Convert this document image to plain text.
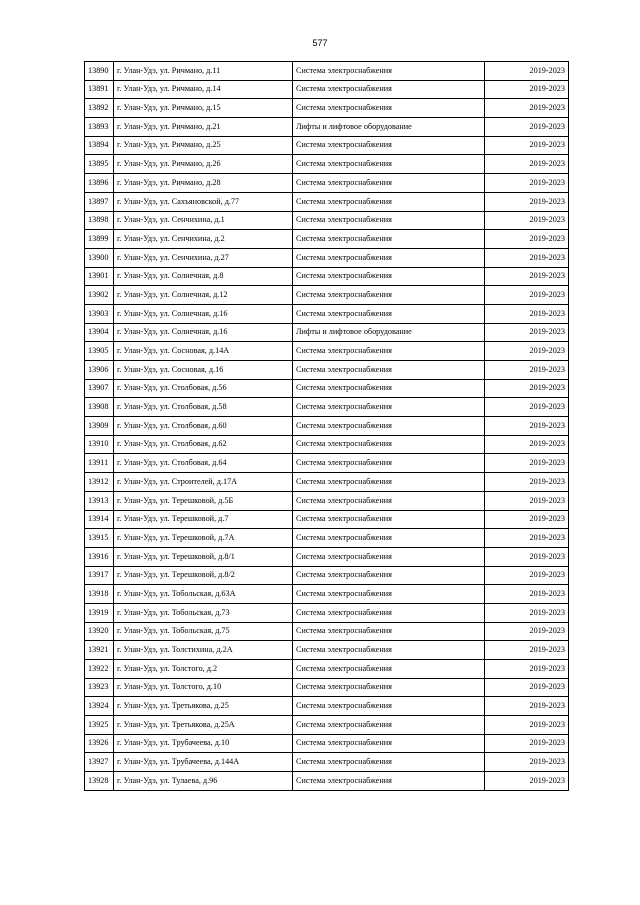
577
13890	г. Улан-Удэ, ул. Ричмано, д.11	Система электроснабжения	2019-2023
13891	г. Улан-Удэ, ул. Ричмано, д.14	Система электроснабжения	2019-2023
13892	г. Улан-Удэ, ул. Ричмано, д.15	Система электроснабжения	2019-2023
13893	г. Улан-Удэ, ул. Ричмано, д.21	Лифты и лифтовое оборудование	2019-2023
13894	г. Улан-Удэ, ул. Ричмано, д.25	Система электроснабжения	2019-2023
13895	г. Улан-Удэ, ул. Ричмано, д.26	Система электроснабжения	2019-2023
13896	г. Улан-Удэ, ул. Ричмано, д.28	Система электроснабжения	2019-2023
13897	г. Улан-Удэ, ул. Сахъяновской, д.77	Система электроснабжения	2019-2023
13898	г. Улан-Удэ, ул. Сенчихина, д.1	Система электроснабжения	2019-2023
13899	г. Улан-Удэ, ул. Сенчихина, д.2	Система электроснабжения	2019-2023
13900	г. Улан-Удэ, ул. Сенчихина, д.27	Система электроснабжения	2019-2023
13901	г. Улан-Удэ, ул. Солнечная, д.8	Система электроснабжения	2019-2023
13902	г. Улан-Удэ, ул. Солнечная, д.12	Система электроснабжения	2019-2023
13903	г. Улан-Удэ, ул. Солнечная, д.16	Система электроснабжения	2019-2023
13904	г. Улан-Удэ, ул. Солнечная, д.16	Лифты и лифтовое оборудование	2019-2023
13905	г. Улан-Удэ, ул. Сосновая, д.14А	Система электроснабжения	2019-2023
13906	г. Улан-Удэ, ул. Сосновая, д.16	Система электроснабжения	2019-2023
13907	г. Улан-Удэ, ул. Столбовая, д.56	Система электроснабжения	2019-2023
13908	г. Улан-Удэ, ул. Столбовая, д.58	Система электроснабжения	2019-2023
13909	г. Улан-Удэ, ул. Столбовая, д.60	Система электроснабжения	2019-2023
13910	г. Улан-Удэ, ул. Столбовая, д.62	Система электроснабжения	2019-2023
13911	г. Улан-Удэ, ул. Столбовая, д.64	Система электроснабжения	2019-2023
13912	г. Улан-Удэ, ул. Строителей, д.17А	Система электроснабжения	2019-2023
13913	г. Улан-Удэ, ул. Терешковой, д.5Б	Система электроснабжения	2019-2023
13914	г. Улан-Удэ, ул. Терешковой, д.7	Система электроснабжения	2019-2023
13915	г. Улан-Удэ, ул. Терешковой, д.7А	Система электроснабжения	2019-2023
13916	г. Улан-Удэ, ул. Терешковой, д.8/1	Система электроснабжения	2019-2023
13917	г. Улан-Удэ, ул. Терешковой, д.8/2	Система электроснабжения	2019-2023
13918	г. Улан-Удэ, ул. Тобольская, д.63А	Система электроснабжения	2019-2023
13919	г. Улан-Удэ, ул. Тобольская, д.73	Система электроснабжения	2019-2023
13920	г. Улан-Удэ, ул. Тобольская, д.75	Система электроснабжения	2019-2023
13921	г. Улан-Удэ, ул. Толстихина, д.2А	Система электроснабжения	2019-2023
13922	г. Улан-Удэ, ул. Толстого, д.2	Система электроснабжения	2019-2023
13923	г. Улан-Удэ, ул. Толстого, д.10	Система электроснабжения	2019-2023
13924	г. Улан-Удэ, ул. Третьякова, д.25	Система электроснабжения	2019-2023
13925	г. Улан-Удэ, ул. Третьякова, д.25А	Система электроснабжения	2019-2023
13926	г. Улан-Удэ, ул. Трубачеева, д.10	Система электроснабжения	2019-2023
13927	г. Улан-Удэ, ул. Трубачеева, д.144А	Система электроснабжения	2019-2023
13928	г. Улан-Удэ, ул. Тулаева, д.96	Система электроснабжения	2019-2023
